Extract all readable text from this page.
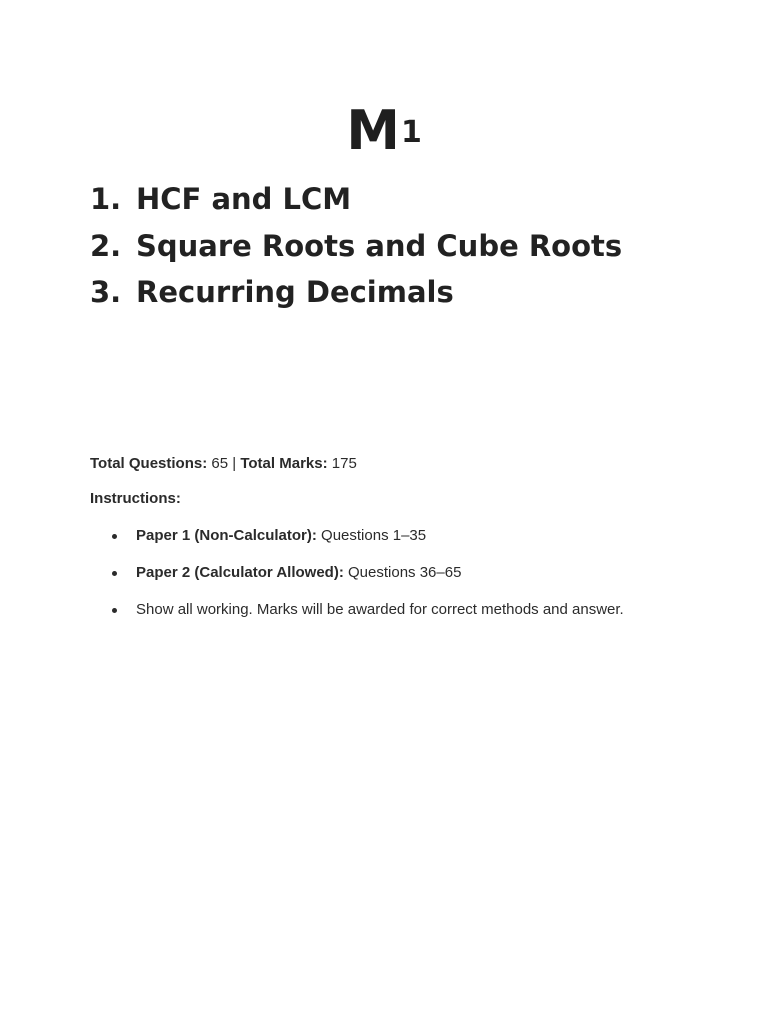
$M^1$
1. HCF and LCM
2. Square Roots and Cube Roots
3. Recurring Decimals
Total Questions: 65 | Total Marks: 175
Instructions:
Paper 1 (Non-Calculator): Questions 1–35
Paper 2 (Calculator Allowed): Questions 36–65
Show all working. Marks will be awarded for correct methods and answer.
